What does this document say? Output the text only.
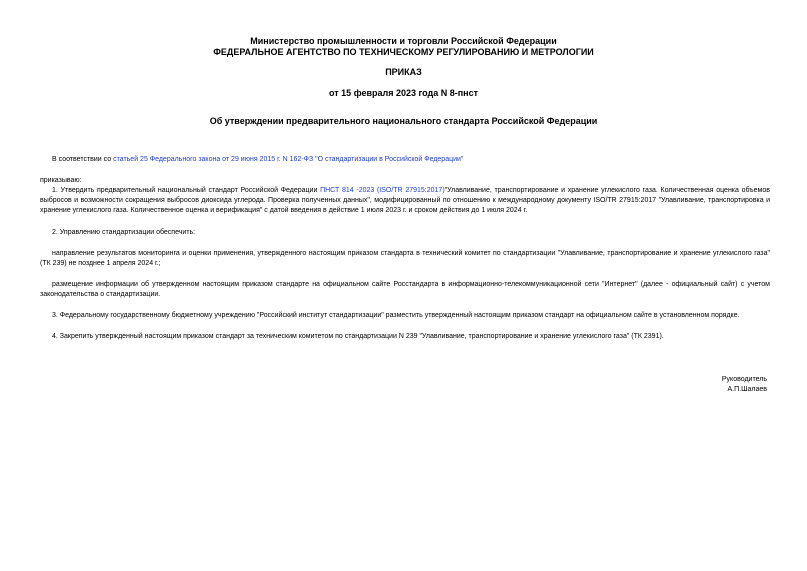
Министерство промышленности и торговли Российской Федерации
ФЕДЕРАЛЬНОЕ АГЕНТСТВО ПО ТЕХНИЧЕСКОМУ РЕГУЛИРОВАНИЮ И МЕТРОЛОГИИ
ПРИКАЗ
от 15 февраля 2023 года N 8-пнст
Об утверждении предварительного национального стандарта Российской Федерации
В соответствии со статьей 25 Федерального закона от 29 июня 2015 г. N 162-ФЗ "О стандартизации в Российской Федерации"
приказываю:
1. Утвердить предварительный национальный стандарт Российской Федерации ПНСТ 814 -2023 (ISO/TR 27915:2017)"Улавливание, транспортирование и хранение углекислого газа. Количественная оценка объемов выбросов и возможности сокращения выбросов диоксида углерода. Проверка полученных данных", модифицированный по отношению к международному документу ISO/TR 27915:2017 "Улавливание, транспортировка и хранение углекислого газа. Количественное оценка и верификация" с датой введения в действие 1 июля 2023 г. и сроком действия до 1 июля 2024 г.
2. Управлению стандартизации обеспечить:
направление результатов мониторинга и оценки применения, утвержденного настоящим приказом стандарта в технический комитет по стандартизации "Улавливание, транспортирование и хранение углекислого газа" (ТК 239) не позднее 1 апреля 2024 г.;
размещение информации об утвержденном настоящим приказом стандарте на официальном сайте Росстандарта в информационно-телекоммуникационной сети "Интернет" (далее - официальный сайт) с учетом законодательства о стандартизации.
3. Федеральному государственному бюджетному учреждению "Российский институт стандартизации" разместить утвержденный настоящим приказом стандарт на официальном сайте в установленном порядке.
4. Закрепить утвержденный настоящим приказом стандарт за техническим комитетом по стандартизации N 239 "Улавливание, транспортирование и хранение углекислого газа" (ТК 2391).
Руководитель
А.П.Шалаев
